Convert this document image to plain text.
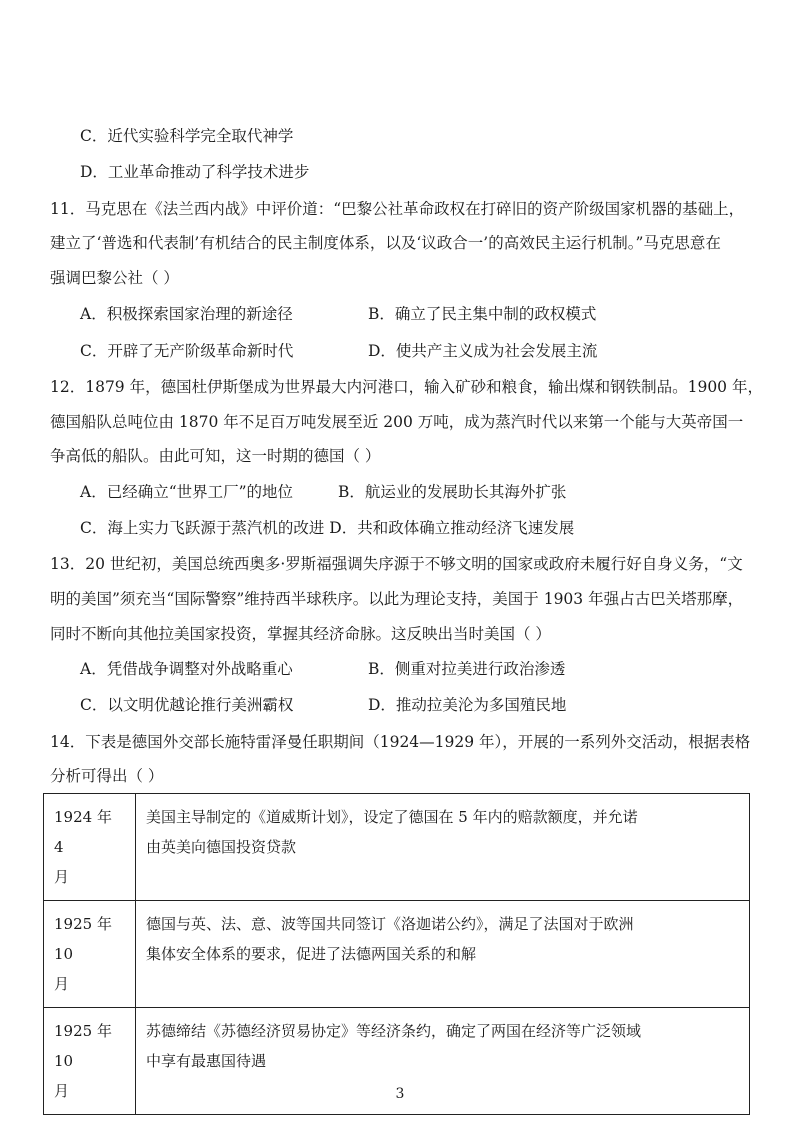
C．近代实验科学完全取代神学
D．工业革命推动了科学技术进步
11．马克思在《法兰西内战》中评价道：“巴黎公社革命政权在打碎旧的资产阶级国家机器的基础上，
建立了‘普选和代表制’有机结合的民主制度体系，以及‘议政合一’的高效民主运行机制。”马克思意在
强调巴黎公社（ ）
A．积极探索国家治理的新途径	B．确立了民主集中制的政权模式
C．开辟了无产阶级革命新时代	D．使共产主义成为社会发展主流
12．1879 年，德国杜伊斯堡成为世界最大内河港口，输入矿砂和粮食，输出煤和钢铁制品。1900 年，
德国船队总吨位由 1870 年不足百万吨发展至近 200 万吨，成为蒸汽时代以来第一个能与大英帝国一
争高低的船队。由此可知，这一时期的德国（ ）
A．已经确立“世界工厂”的地位	B．航运业的发展助长其海外扩张
C．海上实力飞跃源于蒸汽机的改进 D．共和政体确立推动经济飞速发展
13．20 世纪初，美国总统西奥多·罗斯福强调失序源于不够文明的国家或政府未履行好自身义务，“文
明的美国”须充当“国际警察”维持西半球秩序。以此为理论支持，美国于 1903 年强占古巴关塔那摩，
同时不断向其他拉美国家投资，掌握其经济命脉。这反映出当时美国（ ）
A．凭借战争调整对外战略重心	B．侧重对拉美进行政治渗透
C．以文明优越论推行美洲霸权	D．推动拉美沦为多国殖民地
14．下表是德国外交部长施特雷泽曼任职期间（1924—1929 年），开展的一系列外交活动，根据表格
分析可得出（ ）
1924 年 4
月	美国主导制定的《道威斯计划》，设定了德国在 5 年内的赔款额度，并允诺
由英美向德国投资贷款
1925 年 10
月	德国与英、法、意、波等国共同签订《洛迦诺公约》，满足了法国对于欧洲
集体安全体系的要求，促进了法德两国关系的和解
1925 年 10
月	苏德缔结《苏德经济贸易协定》等经济条约，确定了两国在经济等广泛领域
中享有最惠国待遇
3
